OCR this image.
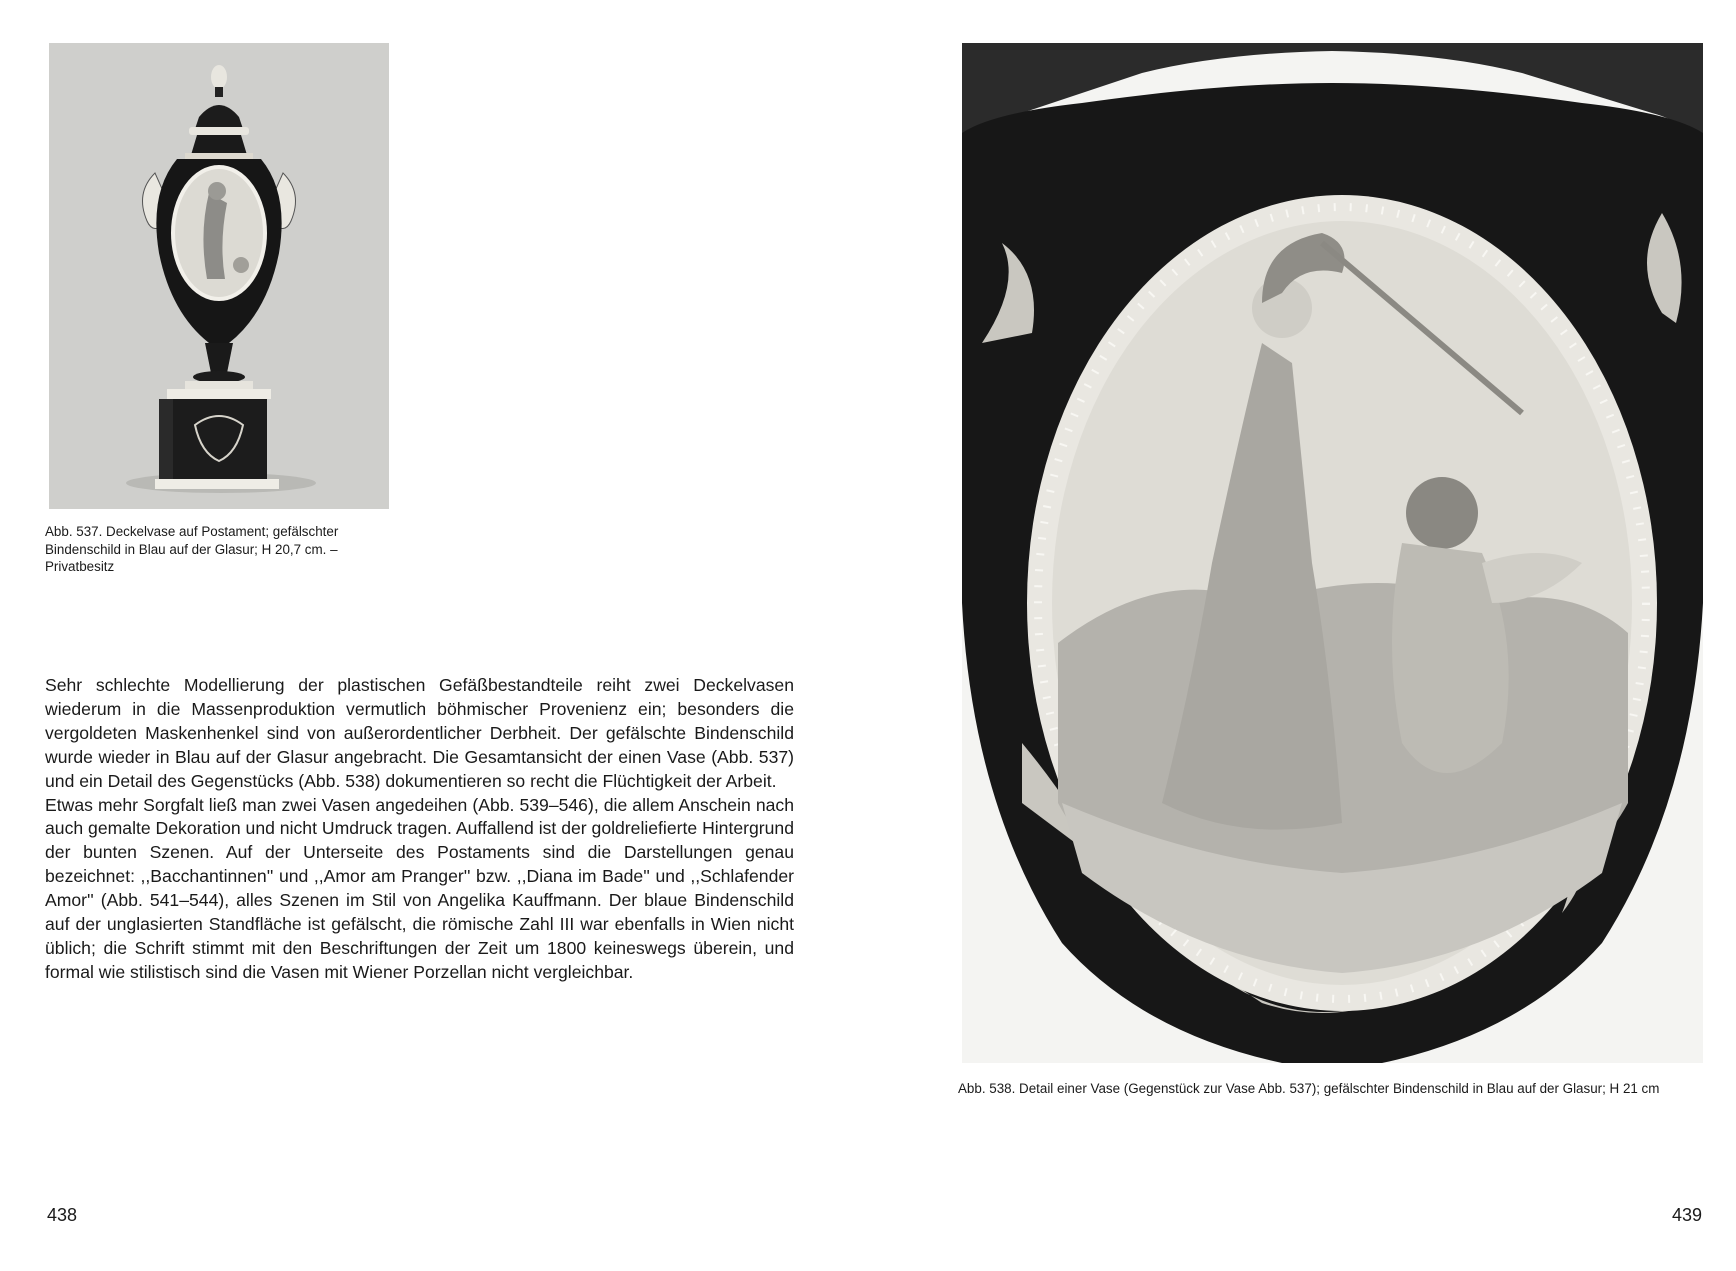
Abb. 537. Deckelvase auf Postament; gefälschter Bindenschild in Blau auf der Glasur; H 20,7 cm. – Privatbesitz

Sehr schlechte Modellierung der plastischen Gefäßbestandteile reiht zwei Deckelvasen wiederum in die Massenproduktion vermutlich böhmischer Provenienz ein; besonders die vergoldeten Maskenhenkel sind von außerordentlicher Derbheit. Der gefälschte Bindenschild wurde wieder in Blau auf der Glasur angebracht. Die Gesamtansicht der einen Vase (Abb. 537) und ein Detail des Gegenstücks (Abb. 538) dokumentieren so recht die Flüchtigkeit der Arbeit.

Etwas mehr Sorgfalt ließ man zwei Vasen angedeihen (Abb. 539–546), die allem Anschein nach auch gemalte Dekoration und nicht Umdruck tragen. Auffallend ist der goldreliefierte Hintergrund der bunten Szenen. Auf der Unterseite des Postaments sind die Darstellungen genau bezeichnet: ,,Bacchantinnen'' und ,,Amor am Pranger'' bzw. ,,Diana im Bade'' und ,,Schlafender Amor'' (Abb. 541–544), alles Szenen im Stil von Angelika Kauffmann. Der blaue Bindenschild auf der unglasierten Standfläche ist gefälscht, die römische Zahl III war ebenfalls in Wien nicht üblich; die Schrift stimmt mit den Beschriftungen der Zeit um 1800 keineswegs überein, und formal wie stilistisch sind die Vasen mit Wiener Porzellan nicht vergleichbar.

438
Abb. 538. Detail einer Vase (Gegenstück zur Vase Abb. 537); gefälschter Bindenschild in Blau auf der Glasur; H 21 cm
439
